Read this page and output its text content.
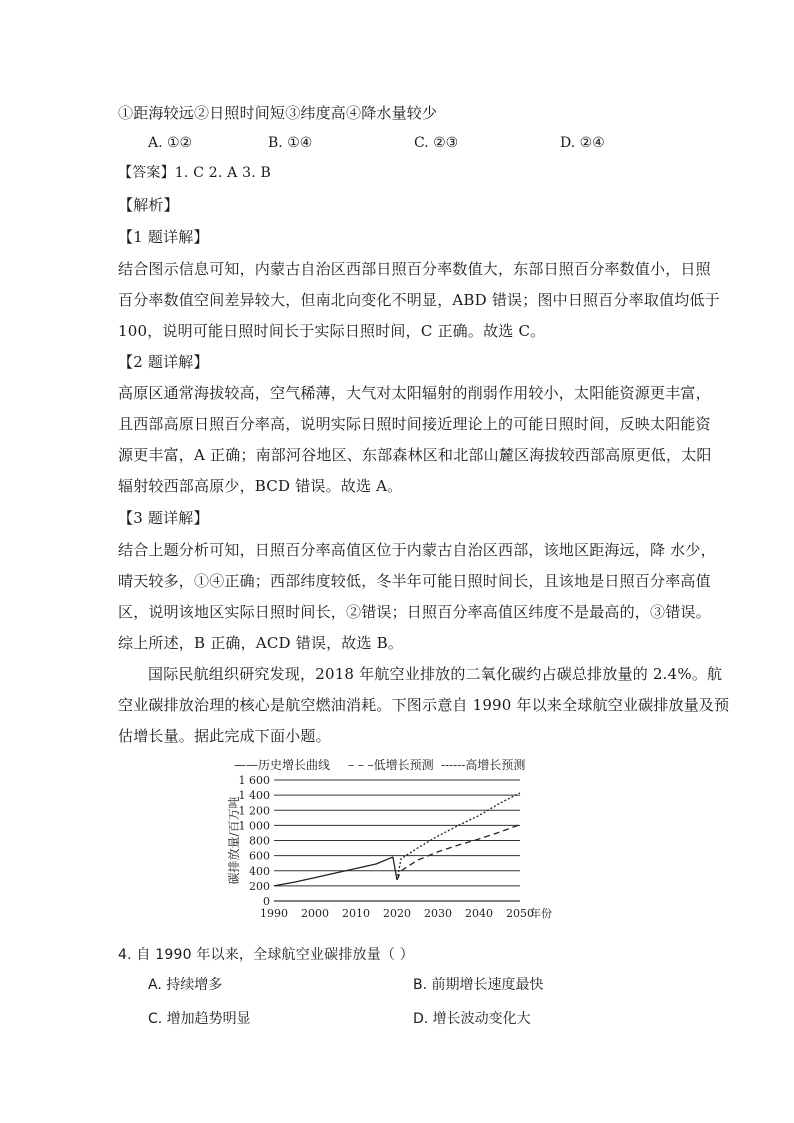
①距海较远②日照时间短③纬度高④降水量较少
A. ①②	B. ①④	C. ②③	D. ②④
【答案】1. C 2. A 3. B
【解析】
【1 题详解】
结合图示信息可知，内蒙古自治区西部日照百分率数值大，东部日照百分率数值小，日照
百分率数值空间差异较大，但南北向变化不明显，ABD 错误；图中日照百分率取值均低于
100，说明可能日照时间长于实际日照时间，C 正确。故选 C。
【2 题详解】
高原区通常海拔较高，空气稀薄，大气对太阳辐射的削弱作用较小，太阳能资源更丰富，
且西部高原日照百分率高，说明实际日照时间接近理论上的可能日照时间，反映太阳能资
源更丰富，A 正确；南部河谷地区、东部森林区和北部山麓区海拔较西部高原更低，太阳
辐射较西部高原少，BCD 错误。故选 A。
【3 题详解】
结合上题分析可知，日照百分率高值区位于内蒙古自治区西部，该地区距海远，降 水少，
晴天较多，①④正确；西部纬度较低，冬半年可能日照时间长，且该地是日照百分率高值
区，说明该地区实际日照时间长，②错误；日照百分率高值区纬度不是最高的，③错误。
综上所述，B 正确，ACD 错误，故选 B。
国际民航组织研究发现，2018 年航空业排放的二氧化碳约占碳总排放量的 2.4%。航
空业碳排放治理的核心是航空燃油消耗。下图示意自 1990 年以来全球航空业碳排放量及预
估增长量。据此完成下面小题。
0
200
400
600
800
1 000
1 200
1 400
1 600
1990 2000 2010 2020 2030 2040 2050
年份
碳排放量/百万吨
——历史增长曲线 – – –低增长预测 ------高增长预测
4. 自 1990 年以来，全球航空业碳排放量（ ）
A. 持续增多	B. 前期增长速度最快
C. 增加趋势明显	D. 增长波动变化大
